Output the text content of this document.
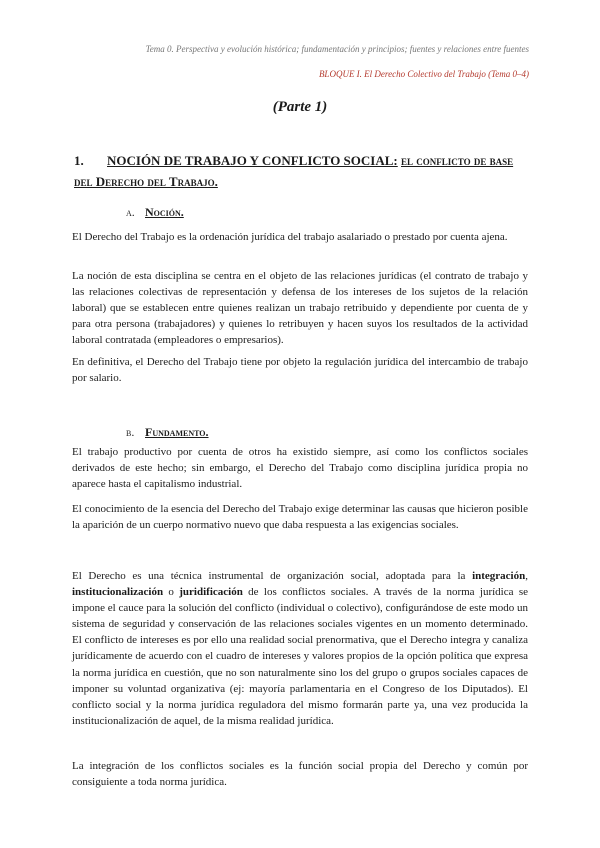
Tema 0. Perspectiva y evolución histórica; fundamentación y principios; fuentes y relaciones entre fuentes
BLOQUE I. El Derecho Colectivo del Trabajo (Tema 0–4)
(Parte 1)
1. NOCIÓN DE TRABAJO Y CONFLICTO SOCIAL: el conflicto de base
del Derecho del Trabajo.
a. Noción.

El Derecho del Trabajo es la ordenación jurídica del trabajo asalariado o prestado por cuenta ajena.

La noción de esta disciplina se centra en el objeto de las relaciones jurídicas (el contrato de trabajo y las relaciones colectivas de representación y defensa de los intereses de los sujetos de la relación laboral) que se establecen entre quienes realizan un trabajo retribuido y dependiente por cuenta de y para otra persona (trabajadores) y quienes lo retribuyen y hacen suyos los resultados de la actividad laboral contratada (empleadores o empresarios).

En definitiva, el Derecho del Trabajo tiene por objeto la regulación jurídica del intercambio de trabajo por salario.

b. Fundamento.

El trabajo productivo por cuenta de otros ha existido siempre, así como los conflictos sociales derivados de este hecho; sin embargo, el Derecho del Trabajo como disciplina jurídica propia no aparece hasta el capitalismo industrial.

El conocimiento de la esencia del Derecho del Trabajo exige determinar las causas que hicieron posible la aparición de un cuerpo normativo nuevo que daba respuesta a las exigencias sociales.

El Derecho es una técnica instrumental de organización social, adoptada para la integración, institucionalización o juridificación de los conflictos sociales. A través de la norma jurídica se impone el cauce para la solución del conflicto (individual o colectivo), configurándose de este modo un sistema de seguridad y conservación de las relaciones sociales vigentes en un momento determinado. El conflicto de intereses es por ello una realidad social prenormativa, que el Derecho integra y canaliza jurídicamente de acuerdo con el cuadro de intereses y valores propios de la opción política que expresa la norma jurídica en cuestión, que no son naturalmente sino los del grupo o grupos sociales capaces de imponer su voluntad organizativa (ej: mayoría parlamentaria en el Congreso de los Diputados). El conflicto social y la norma jurídica reguladora del mismo formarán parte ya, una vez producida la institucionalización de aquel, de la misma realidad jurídica.

La integración de los conflictos sociales es la función social propia del Derecho y común por consiguiente a toda norma jurídica.
